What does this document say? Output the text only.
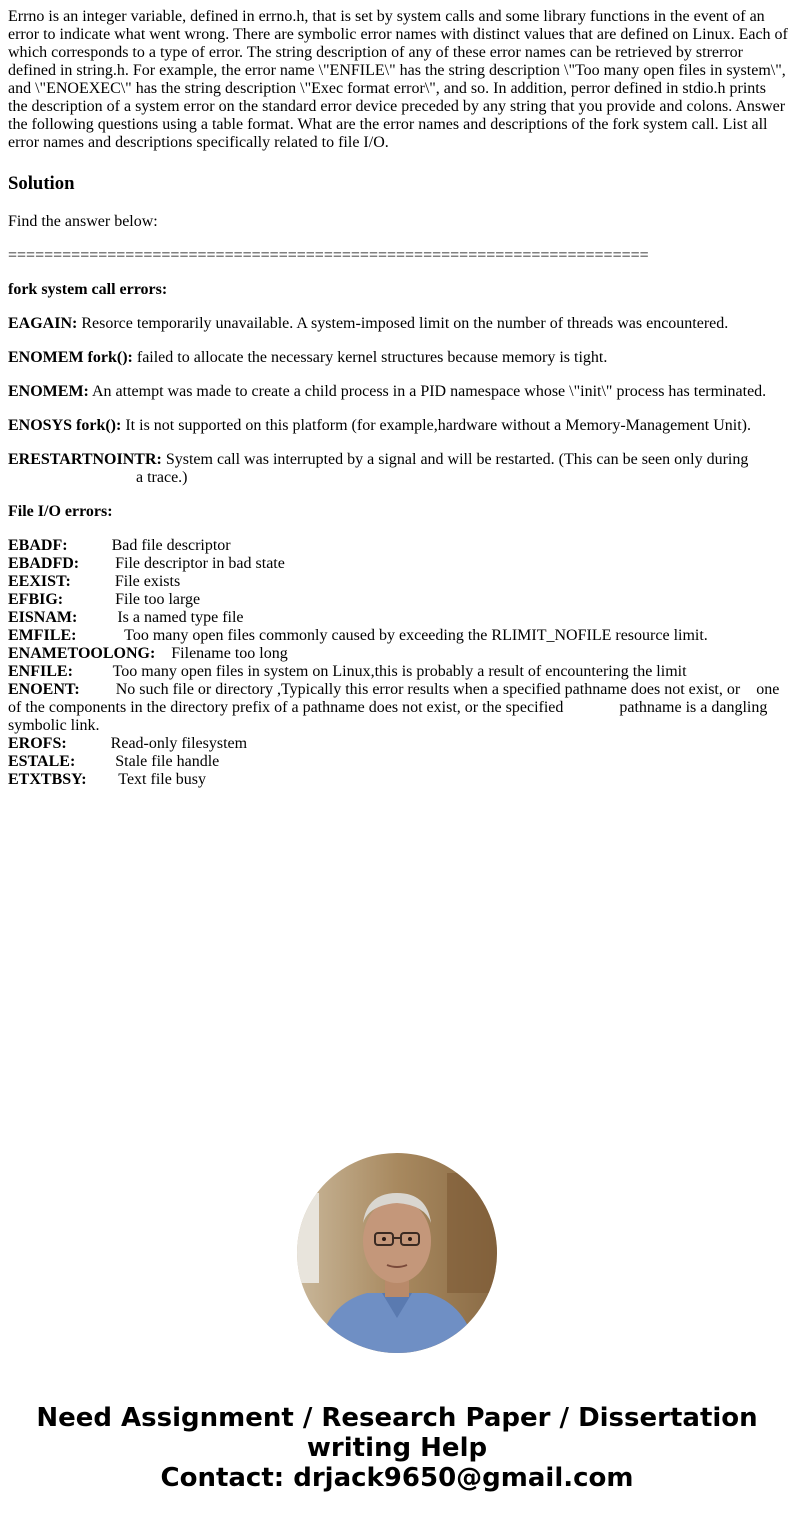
Errno is an integer variable, defined in errno.h, that is set by system calls and some library functions in the event of an error to indicate what went wrong. There are symbolic error names with distinct values that are defined on Linux. Each of which corresponds to a type of error. The string description of any of these error names can be retrieved by strerror defined in string.h. For example, the error name \"ENFILE\" has the string description \"Too many open files in system\", and \"ENOEXEC\" has the string description \"Exec format error\", and so. In addition, perror defined in stdio.h prints the description of a system error on the standard error device preceded by any string that you provide and colons. Answer the following questions using a table format. What are the error names and descriptions of the fork system call. List all error names and descriptions specifically related to file I/O.

Solution

Find the answer below:

=======================================================================

fork system call errors:

EAGAIN: Resorce temporarily unavailable. A system-imposed limit on the number of threads was encountered.

ENOMEM fork(): failed to allocate the necessary kernel structures because memory is tight.

ENOMEM: An attempt was made to create a child process in a PID namespace whose \"init\" process has terminated.

ENOSYS fork(): It is not supported on this platform (for example,hardware without a Memory-Management Unit).

ERESTARTNOINTR: System call was interrupted by a signal and will be restarted. (This can be seen only during
a trace.)

File I/O errors:

EBADF:	Bad file descriptor
EBADFD: File descriptor in bad state
EEXIST:	File exists
EFBIG:	File too large
EISNAM:	Is a named type file
EMFILE:	Too many open files commonly caused by exceeding the RLIMIT_NOFILE resource limit.
ENAMETOOLONG: Filename too long
ENFILE: Too many open files in system on Linux,this is probably a result of encountering the limit
ENOENT: No such file or directory ,Typically this error results when a specified pathname does not exist, or    one of the components in the directory prefix of a pathname does not exist, or the specified              pathname is a dangling symbolic link.
EROFS:	Read-only filesystem
ESTALE:	Stale file handle
ETXTBSY: Text file busy
Need Assignment / Research Paper / Dissertation
writing Help
Contact: drjack9650@gmail.com
